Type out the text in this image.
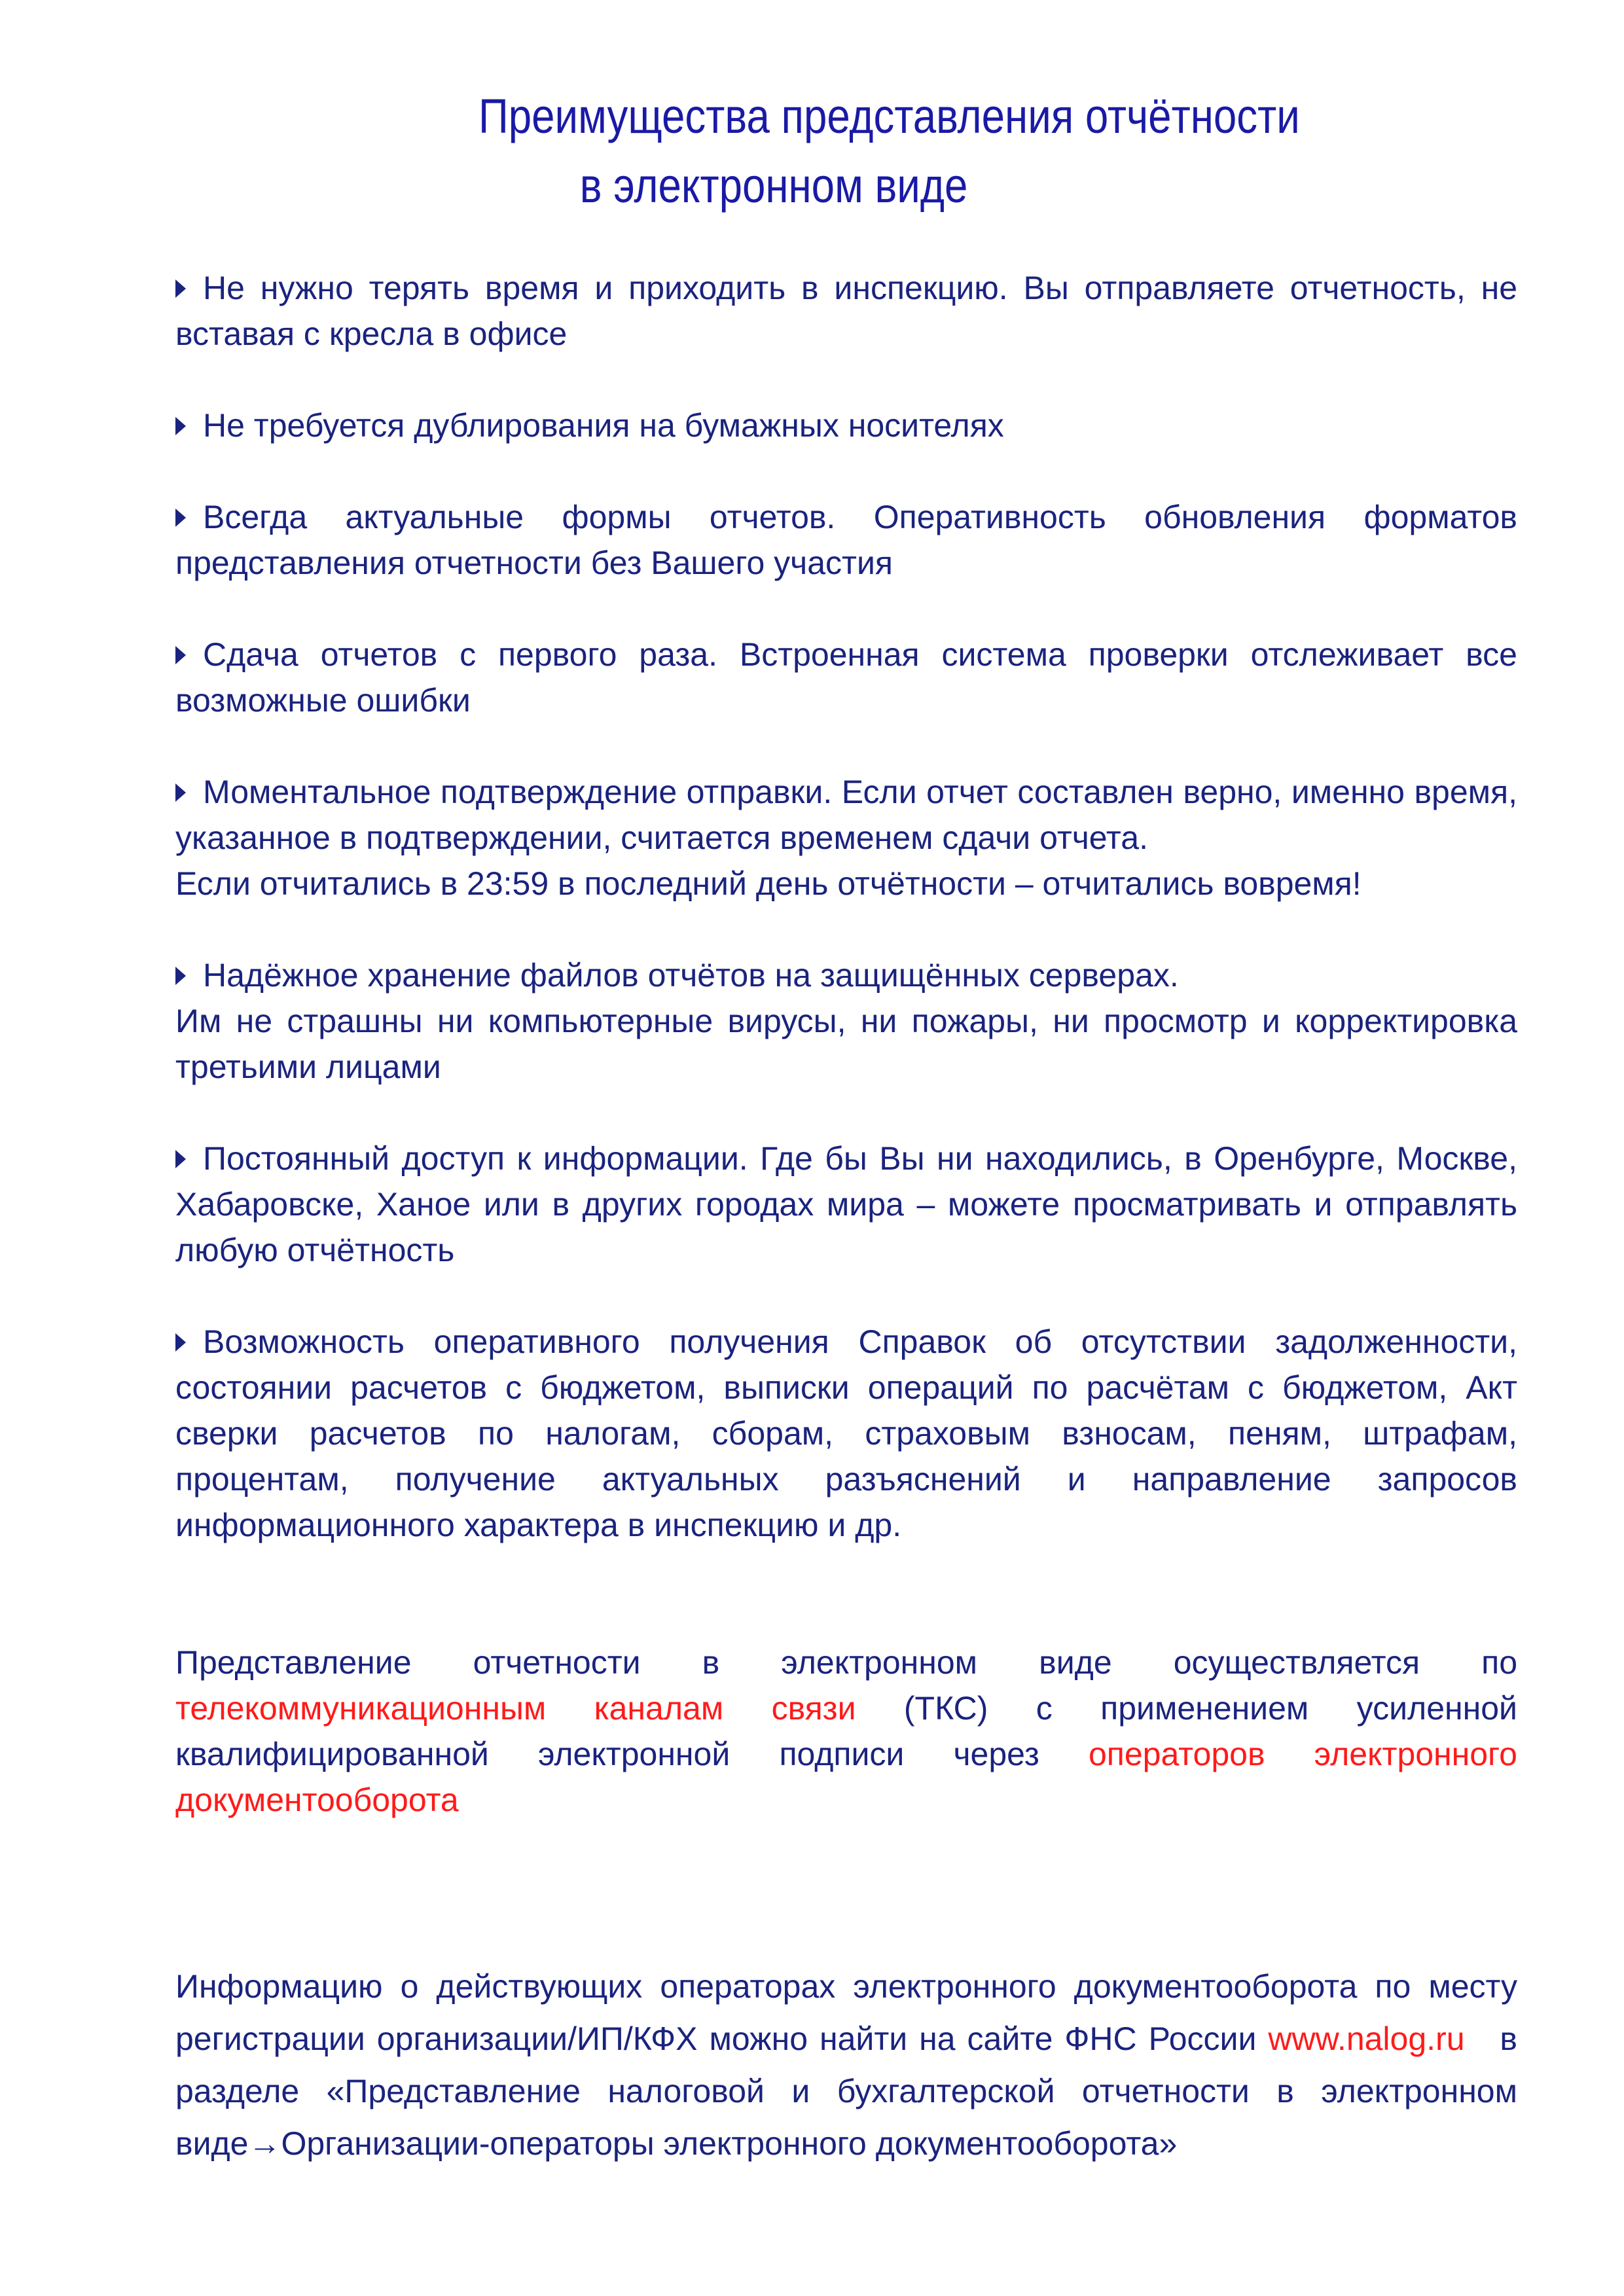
Преимущества представления отчётности
в электронном виде
Не нужно терять время и приходить в инспекцию. Вы отправляете отчетность, не вставая с кресла в офисе
Не требуется дублирования на бумажных носителях
Всегда актуальные формы отчетов. Оперативность обновления форматов представления отчетности без Вашего участия
Сдача отчетов с первого раза. Встроенная система проверки отслеживает все возможные ошибки
Моментальное подтверждение отправки. Если отчет составлен верно, именно время, указанное в подтверждении, считается временем сдачи отчета.
Если отчитались в 23:59 в последний день отчётности – отчитались вовремя!
Надёжное хранение файлов отчётов на защищённых серверах.
Им не страшны ни компьютерные вирусы, ни пожары, ни просмотр и корректировка третьими лицами
Постоянный доступ к информации. Где бы Вы ни находились, в Оренбурге, Москве, Хабаровске, Ханое или в других городах мира – можете просматривать и отправлять любую отчётность
Возможность оперативного получения Справок об отсутствии задолженности, состоянии расчетов с бюджетом, выписки операций по расчётам с бюджетом, Акт сверки расчетов по налогам, сборам, страховым взносам, пеням, штрафам, процентам, получение актуальных разъяснений и направление запросов информационного характера в инспекцию и др.

Представление отчетности в электронном виде осуществляется по телекоммуникационным каналам связи (ТКС) с применением усиленной квалифицированной электронной подписи через операторов электронного документооборота

Информацию о действующих операторах электронного документооборота по месту регистрации организации/ИП/КФХ можно найти на сайте ФНС России www.nalog.ru   в разделе «Представление налоговой и бухгалтерской отчетности в электронном виде→Организации-операторы электронного документооборота»
